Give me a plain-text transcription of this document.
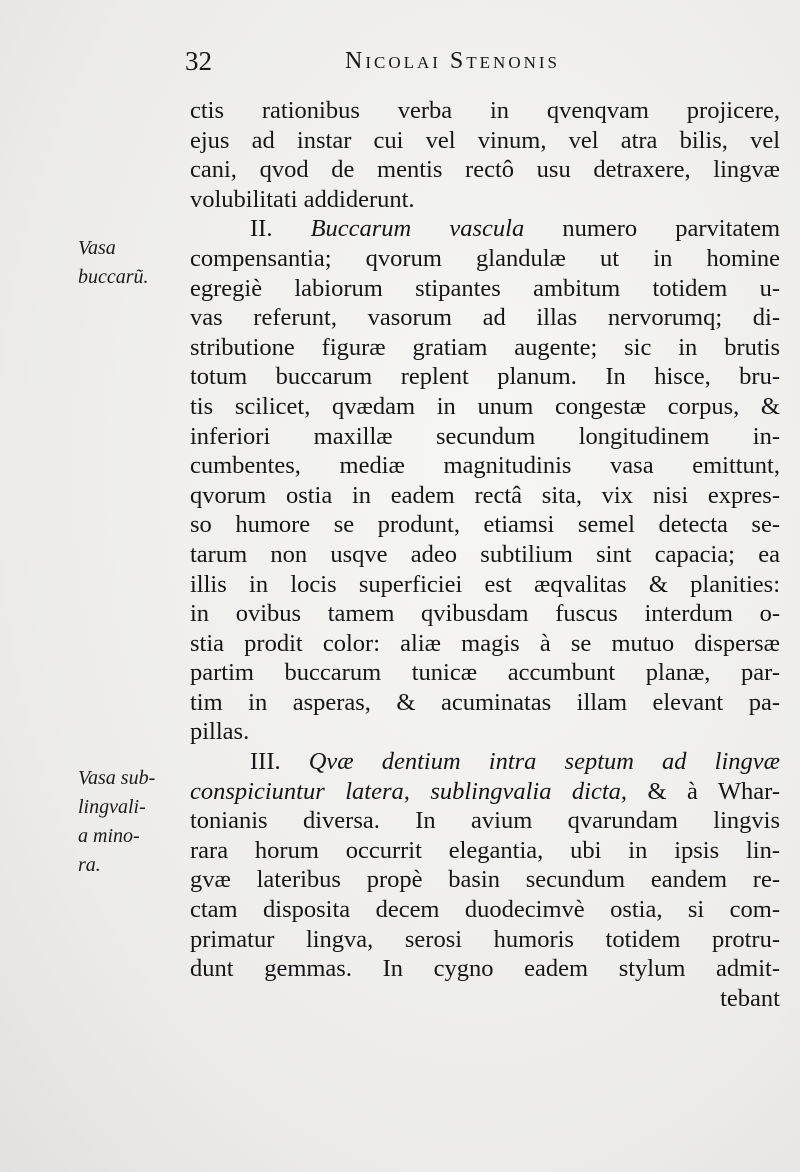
32	Nicolai Stenonis
Vasa
buccarũ.
Vasa sub-
lingvali-
a mino-
ra.
ctis rationibus verba in qvenqvam projicere,
ejus ad instar cui vel vinum, vel atra bilis, vel
cani, qvod de mentis rectô usu detraxere, lingvæ
volubilitati addiderunt.
II. Buccarum vascula numero parvitatem
compensantia; qvorum glandulæ ut in homine
egregiè labiorum stipantes ambitum totidem u-
vas referunt, vasorum ad illas nervorumq; di-
stributione figuræ gratiam augente; sic in brutis
totum buccarum replent planum. In hisce, bru-
tis scilicet, qvædam in unum congestæ corpus, &
inferiori maxillæ secundum longitudinem in-
cumbentes, mediæ magnitudinis vasa emittunt,
qvorum ostia in eadem rectâ sita, vix nisi expres-
so humore se produnt, etiamsi semel detecta se-
tarum non usqve adeo subtilium sint capacia; ea
illis in locis superficiei est æqvalitas & planities:
in ovibus tamem qvibusdam fuscus interdum o-
stia prodit color: aliæ magis à se mutuo dispersæ
partim buccarum tunicæ accumbunt planæ, par-
tim in asperas, & acuminatas illam elevant pa-
pillas.
III. Qvæ dentium intra septum ad lingvæ
conspiciuntur latera, sublingvalia dicta, & à Whar-
tonianis diversa. In avium qvarundam lingvis
rara horum occurrit elegantia, ubi in ipsis lin-
gvæ lateribus propè basin secundum eandem re-
ctam disposita decem duodecimvè ostia, si com-
primatur lingva, serosi humoris totidem protru-
dunt gemmas. In cygno eadem stylum admit-
tebant
